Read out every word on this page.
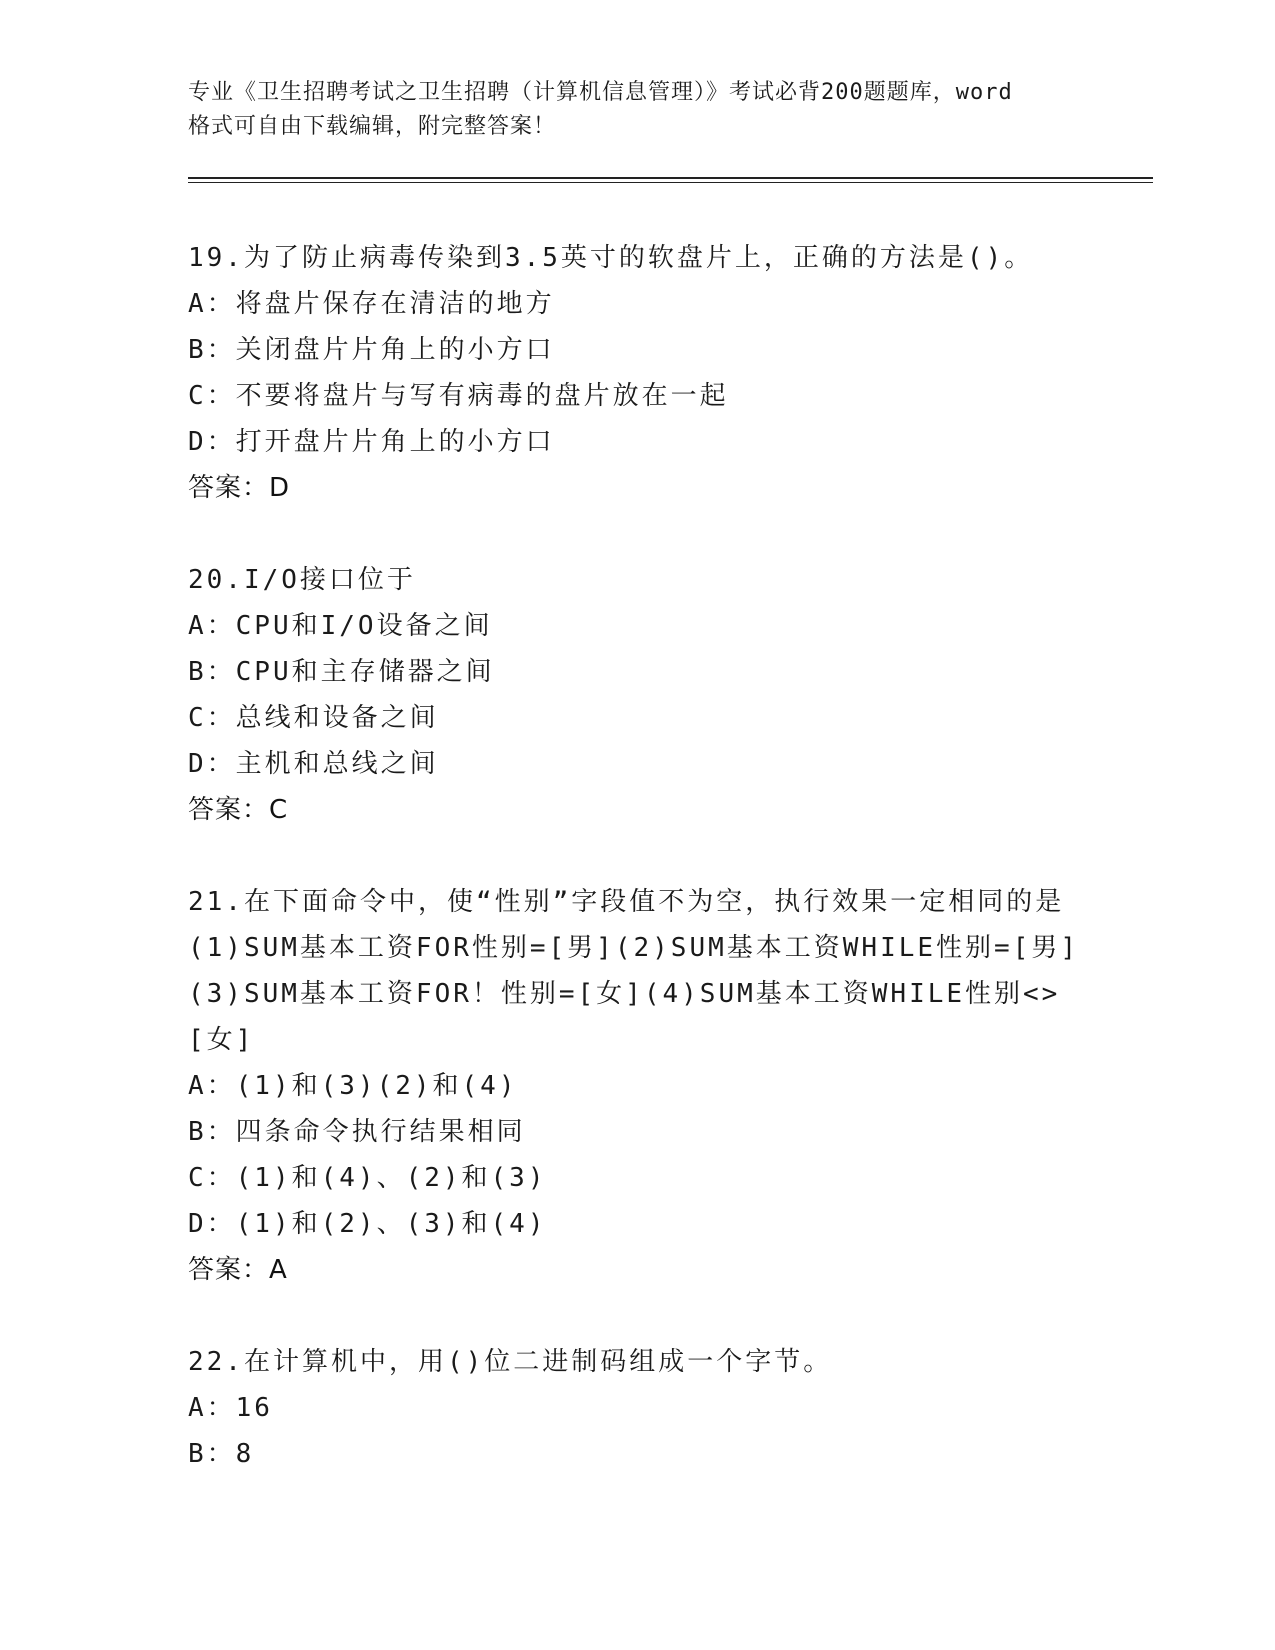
专业《卫生招聘考试之卫生招聘（计算机信息管理）》考试必背200题题库，word
格式可自由下载编辑，附完整答案！
19.为了防止病毒传染到3.5英寸的软盘片上，正确的方法是()。
A：将盘片保存在清洁的地方
B：关闭盘片片角上的小方口
C：不要将盘片与写有病毒的盘片放在一起
D：打开盘片片角上的小方口
答案：D
20.I/O接口位于
A：CPU和I/O设备之间
B：CPU和主存储器之间
C：总线和设备之间
D：主机和总线之间
答案：C
21.在下面命令中，使“性别”字段值不为空，执行效果一定相同的是(1)SUM基本工资FOR性别=[男](2)SUM基本工资WHILE性别=[男](3)SUM基本工资FOR！性别=[女](4)SUM基本工资WHILE性别<>[女]
A：(1)和(3)(2)和(4)
B：四条命令执行结果相同
C：(1)和(4)、(2)和(3)
D：(1)和(2)、(3)和(4)
答案：A
22.在计算机中，用()位二进制码组成一个字节。
A：16
B：8
